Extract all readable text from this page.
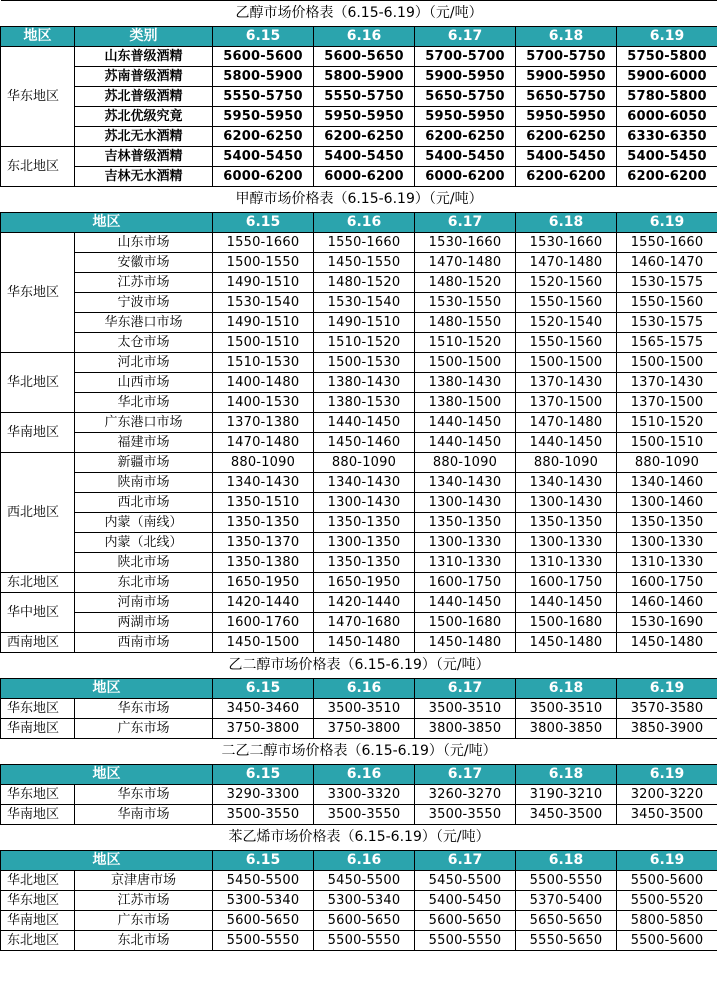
乙醇市场价格表（6.15-6.19）（元/吨）						
地区	类别	6.15	6.16	6.17	6.18	6.19
华东地区	山东普级酒精	5600-5600	5600-5650	5700-5700	5700-5750	5750-5800
	苏南普级酒精	5800-5900	5800-5900	5900-5950	5900-5950	5900-6000
	苏北普级酒精	5550-5750	5550-5750	5650-5750	5650-5750	5780-5800
	苏北优级究竟	5950-5950	5950-5950	5950-5950	5950-5950	6000-6050
	苏北无水酒精	6200-6250	6200-6250	6200-6250	6200-6250	6330-6350
东北地区	吉林普级酒精	5400-5450	5400-5450	5400-5450	5400-5450	5400-5450
	吉林无水酒精	6000-6200	6000-6200	6000-6200	6200-6200	6200-6200
甲醇市场价格表（6.15-6.19）（元/吨）						
地区		6.15	6.16	6.17	6.18	6.19
华东地区	山东市场	1550-1660	1550-1660	1530-1660	1530-1660	1550-1660
	安徽市场	1500-1550	1450-1550	1470-1480	1470-1480	1460-1470
	江苏市场	1490-1510	1480-1520	1480-1520	1520-1560	1530-1575
	宁波市场	1530-1540	1530-1540	1530-1550	1550-1560	1550-1560
	华东港口市场	1490-1510	1490-1510	1480-1550	1520-1540	1530-1575
	太仓市场	1500-1510	1510-1520	1510-1520	1550-1560	1565-1575
华北地区	河北市场	1510-1530	1500-1530	1500-1500	1500-1500	1500-1500
	山西市场	1400-1480	1380-1430	1380-1430	1370-1430	1370-1430
	华北市场	1400-1530	1380-1530	1380-1500	1370-1500	1370-1500
华南地区	广东港口市场	1370-1380	1440-1450	1440-1450	1470-1480	1510-1520
	福建市场	1470-1480	1450-1460	1440-1450	1440-1450	1500-1510
西北地区	新疆市场	880-1090	880-1090	880-1090	880-1090	880-1090
	陕南市场	1340-1430	1340-1430	1340-1430	1340-1430	1340-1460
	西北市场	1350-1510	1300-1430	1300-1430	1300-1430	1300-1460
	内蒙（南线）	1350-1350	1350-1350	1350-1350	1350-1350	1350-1350
	内蒙（北线）	1350-1370	1300-1350	1300-1330	1300-1330	1300-1330
	陕北市场	1350-1380	1350-1350	1310-1330	1310-1330	1310-1330
东北地区	东北市场	1650-1950	1650-1950	1600-1750	1600-1750	1600-1750
华中地区	河南市场	1420-1440	1420-1440	1440-1450	1440-1450	1460-1460
	两湖市场	1600-1760	1470-1680	1500-1680	1500-1680	1530-1690
西南地区	西南市场	1450-1500	1450-1480	1450-1480	1450-1480	1450-1480
乙二醇市场价格表（6.15-6.19）（元/吨）						
地区		6.15	6.16	6.17	6.18	6.19
华东地区	华东市场	3450-3460	3500-3510	3500-3510	3500-3510	3570-3580
华南地区	广东市场	3750-3800	3750-3800	3800-3850	3800-3850	3850-3900
二乙二醇市场价格表（6.15-6.19）（元/吨）						
地区		6.15	6.16	6.17	6.18	6.19
华东地区	华东市场	3290-3300	3300-3320	3260-3270	3190-3210	3200-3220
华南地区	华南市场	3500-3550	3500-3550	3500-3550	3450-3500	3450-3500
苯乙烯市场价格表（6.15-6.19）（元/吨）						
地区		6.15	6.16	6.17	6.18	6.19
华北地区	京津唐市场	5450-5500	5450-5500	5450-5500	5500-5550	5500-5600
华东地区	江苏市场	5300-5340	5300-5340	5400-5450	5370-5400	5500-5520
华南地区	广东市场	5600-5650	5600-5650	5600-5650	5650-5650	5800-5850
东北地区	东北市场	5500-5550	5500-5550	5500-5550	5550-5650	5500-5600
